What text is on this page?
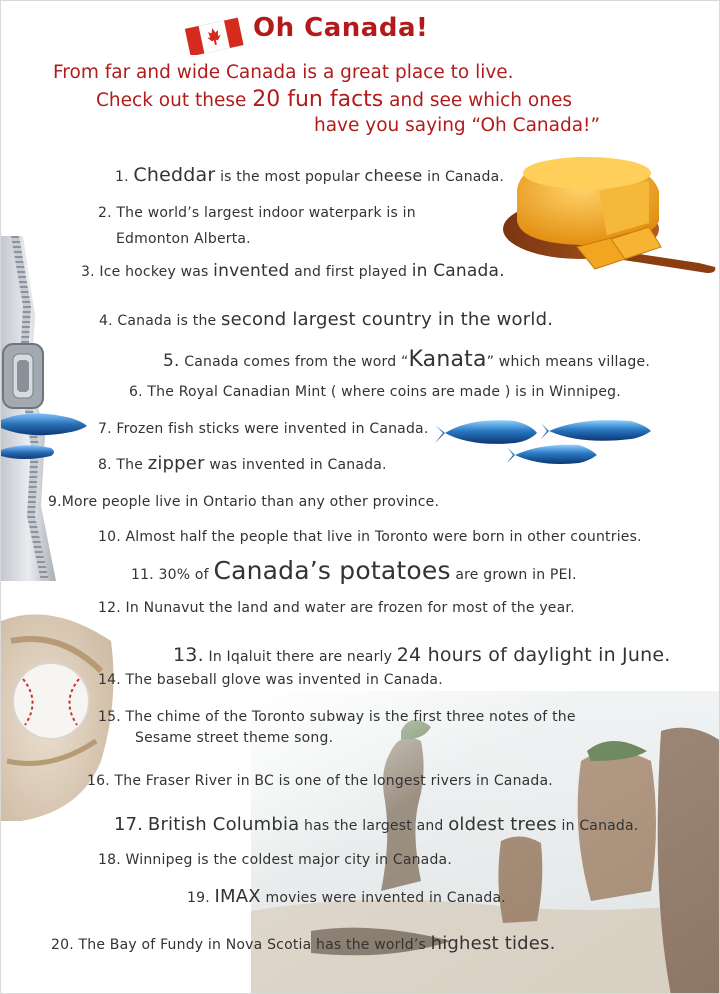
Oh Canada!
From far and wide Canada is a great place to live.
Check out these 20 fun facts and see which ones
have you saying “Oh Canada!”
1. Cheddar is the most popular cheese in Canada.
2. The world’s largest indoor waterpark is in
Edmonton Alberta.
3. Ice hockey was invented and first played in Canada.
4. Canada is the second largest country in the world.
5. Canada comes from the word “Kanata” which means village.
6. The Royal Canadian Mint ( where coins are made ) is in Winnipeg.
7. Frozen fish sticks were invented in Canada.
8. The zipper was invented in Canada.
9.More people live in Ontario than any other province.
10. Almost half the people that live in Toronto were born in other countries.
11. 30% of Canada’s potatoes are grown in PEI.
12. In Nunavut the land and water are frozen for most of the year.
13. In Iqaluit there are nearly 24 hours of daylight in June.
14. The baseball glove was invented in Canada.
15. The chime of the Toronto subway is the first three notes of the
Sesame street theme song.
16. The Fraser River in BC is one of the longest rivers in Canada.
17. British Columbia has the largest and oldest trees in Canada.
18. Winnipeg is the coldest major city in Canada.
19. IMAX movies were invented in Canada.
20. The Bay of Fundy in Nova Scotia has the world’s highest tides.
